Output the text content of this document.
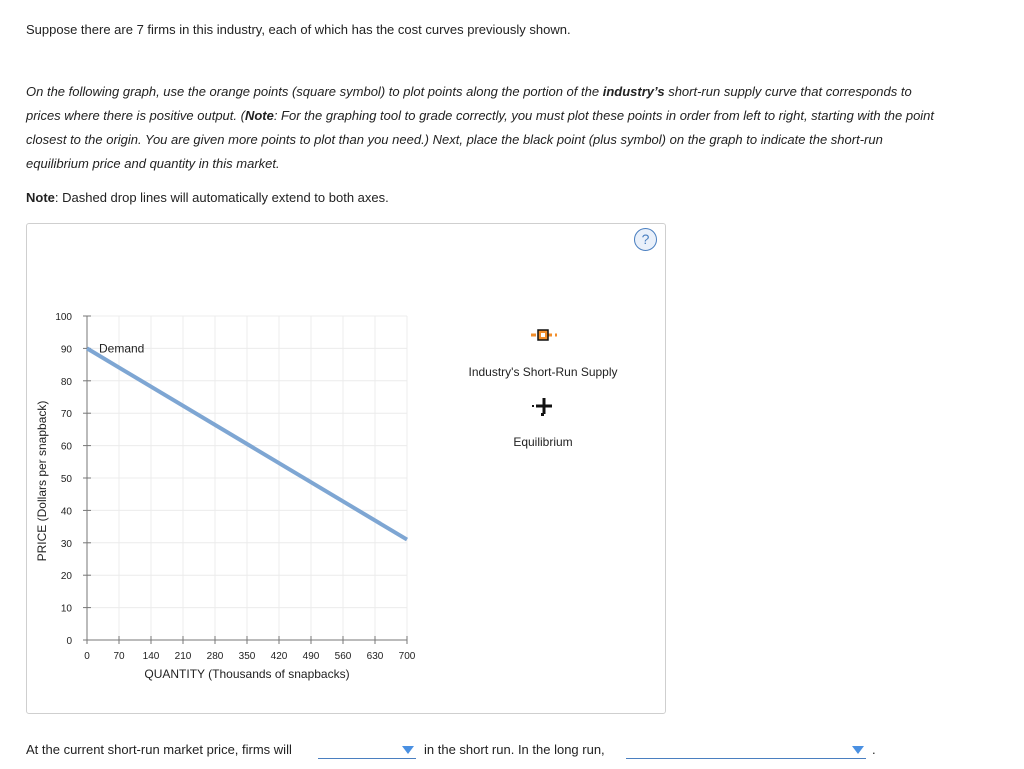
Suppose there are 7 firms in this industry, each of which has the cost curves previously shown.

On the following graph, use the orange points (square symbol) to plot points along the portion of the industry’s short-run supply curve that corresponds to prices where there is positive output. (Note: For the graphing tool to grade correctly, you must plot these points in order from left to right, starting with the point closest to the origin. You are given more points to plot than you need.) Next, place the black point (plus symbol) on the graph to indicate the short-run equilibrium price and quantity in this market.

Note: Dashed drop lines will automatically extend to both axes.

?
0 70 140 210 280 350 420 490 560 630 700
0
10
20
30
40
50
60
70
80
90
100
Demand
QUANTITY (Thousands of snapbacks)
PRICE (Dollars per snapback)
Industry's Short-Run Supply
Equilibrium
At the current short-run market price, firms will	in the short run. In the long run,	.
